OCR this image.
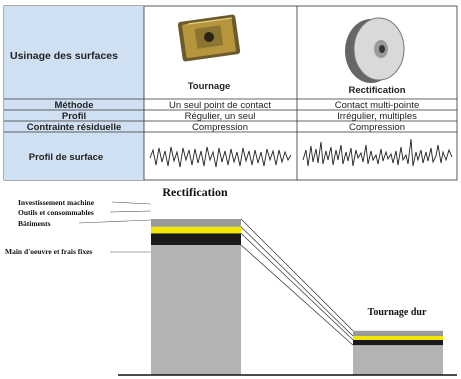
Usinage des surfaces
Tournage	Rectification
Méthode
Profil
Contrainte résiduelle
Profil de surface
Un seul point de contact
Régulier, un seul
Compression
Contact multi-pointe
Irrégulier, multiples
Compression
Rectification
Tournage dur
Investissement machine
Outils et consommables
Bâtiments
Main d'oeuvre et frais fixes
